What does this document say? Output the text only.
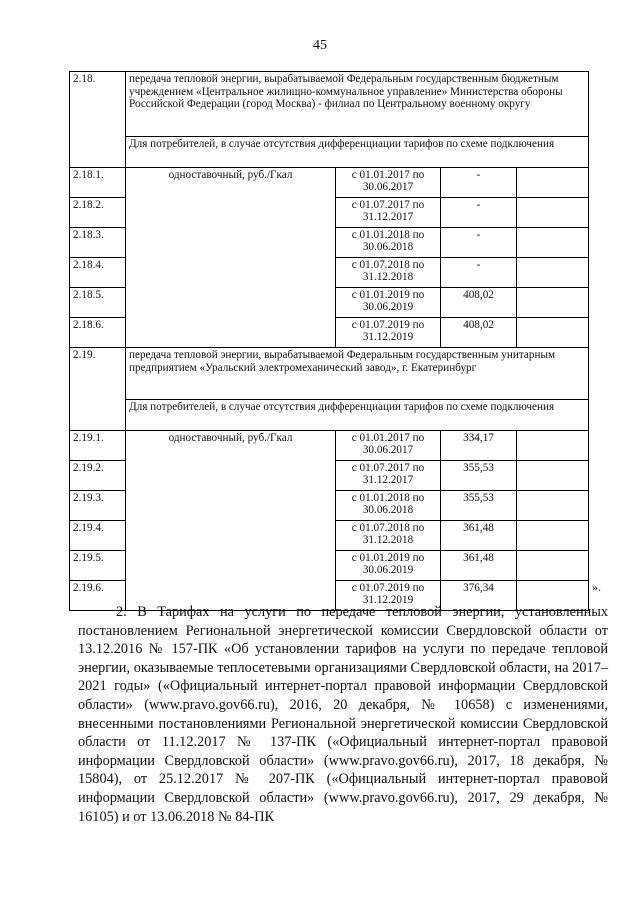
45
2.18.	передача тепловой энергии, вырабатываемой Федеральным государственным бюджетным учреждением «Центральное жилищно-коммунальное управление» Министерства обороны Российской Федерации (город Москва) - филиал по Центральному военному округу			
	Для потребителей, в случае отсутствия дифференциации тарифов по схеме подключения			
2.18.1.	одноставочный, руб./Гкал	с 01.01.2017 по
30.06.2017	-	
2.18.2.		с 01.07.2017 по
31.12.2017	-	
2.18.3.		с 01.01.2018 по
30.06.2018	-	
2.18.4.		с 01.07.2018 по
31.12.2018	-	
2.18.5.		с 01.01.2019 по
30.06.2019	408,02	
2.18.6.		с 01.07.2019 по
31.12.2019	408,02	
2.19.	передача тепловой энергии, вырабатываемой Федеральным государственным унитарным предприятием «Уральский электромеханический завод», г. Екатеринбург			
	Для потребителей, в случае отсутствия дифференциации тарифов по схеме подключения			
2.19.1.	одноставочный, руб./Гкал	с 01.01.2017 по
30.06.2017	334,17	
2.19.2.		с 01.07.2017 по
31.12.2017	355,53	
2.19.3.		с 01.01.2018 по
30.06.2018	355,53	
2.19.4.		с 01.07.2018 по
31.12.2018	361,48	
2.19.5.		с 01.01.2019 по
30.06.2019	361,48	
2.19.6.		с 01.07.2019 по
31.12.2019	376,34		».

2. В Тарифах на услуги по передаче тепловой энергии, установленных постановлением Региональной энергетической комиссии Свердловской области от 13.12.2016 № 157-ПК «Об установлении тарифов на услуги по передаче тепловой энергии, оказываемые теплосетевыми организациями Свердловской области, на 2017–2021 годы» («Официальный интернет-портал правовой информации Свердловской области» (www.pravo.gov66.ru), 2016, 20 декабря, № 10658) с изменениями, внесенными постановлениями Региональной энергетической комиссии Свердловской области от 11.12.2017 № 137-ПК («Официальный интернет-портал правовой информации Свердловской области» (www.pravo.gov66.ru), 2017, 18 декабря, № 15804), от 25.12.2017 № 207-ПК («Официальный интернет-портал правовой информации Свердловской области» (www.pravo.gov66.ru), 2017, 29 декабря, № 16105) и от 13.06.2018 № 84-ПК
